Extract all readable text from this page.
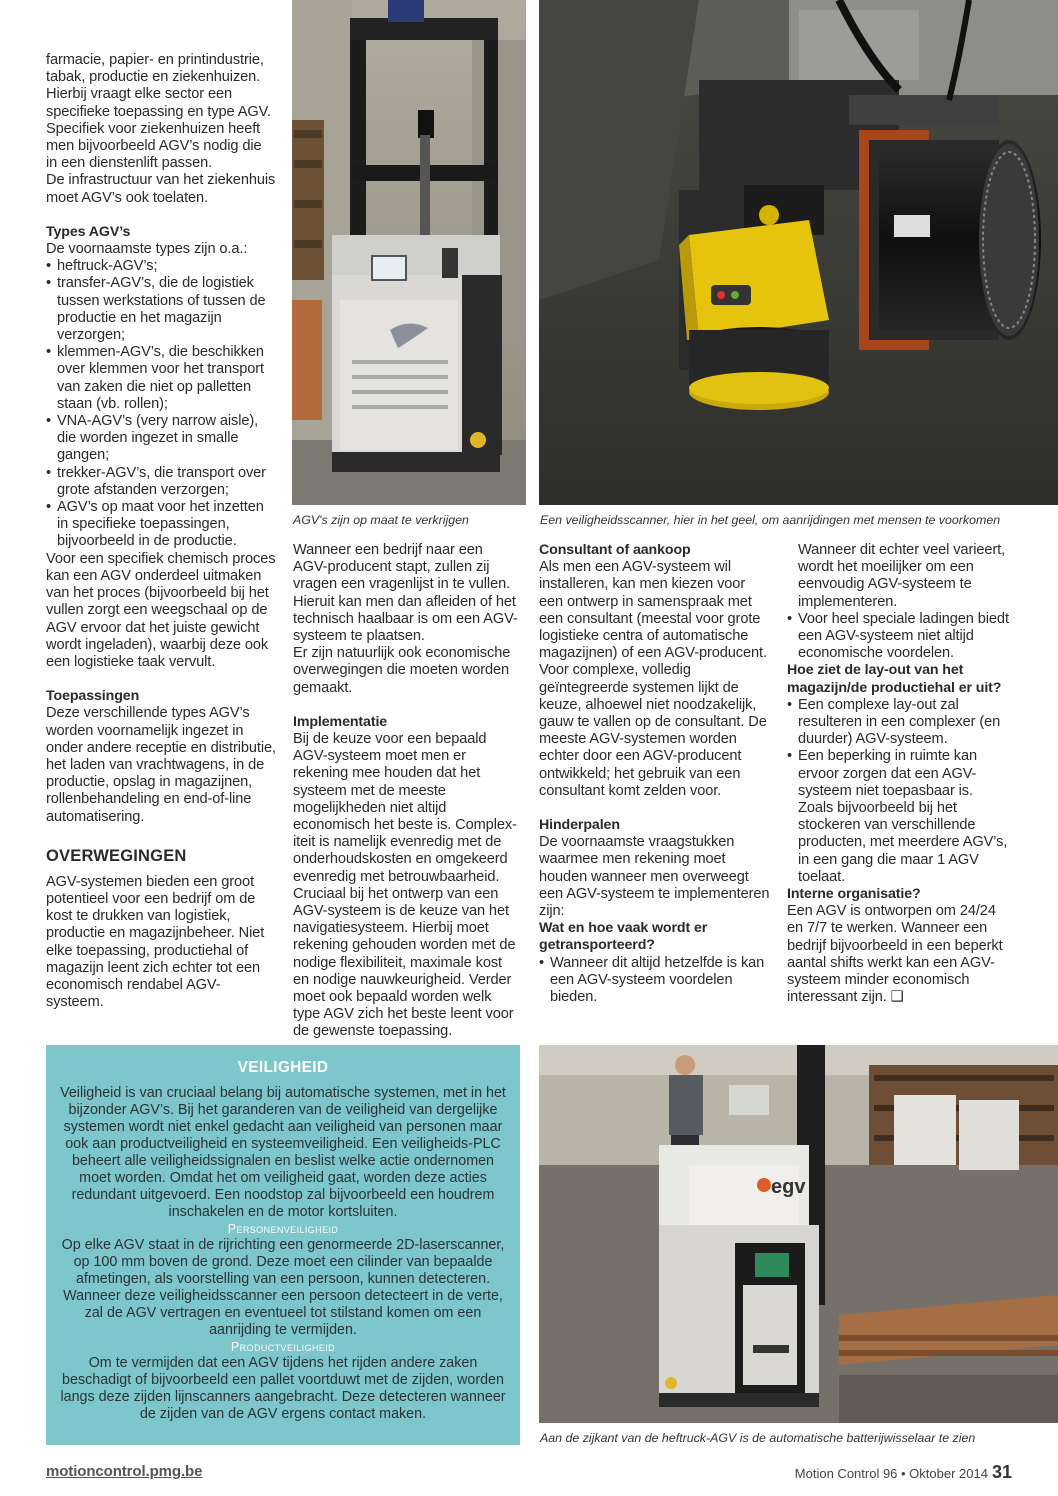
farmacie, papier- en printindustrie,

tabak, productie en ziekenhuizen.

Hierbij vraagt elke sector een

specifieke toepassing en type AGV.

Specifiek voor ziekenhuizen heeft

men bijvoorbeeld AGV’s nodig die

in een dienstenlift passen.

De infrastructuur van het ziekenhuis

moet AGV’s ook toelaten.

Types AGV’s

De voornaamste types zijn o.a.:

• heftruck-AGV’s;
• transfer-AGV’s, die de logistiek tussen werkstations of tussen de productie en het magazijn verzorgen;
• klemmen-AGV’s, die beschikken over klemmen voor het transport van zaken die niet op palletten staan (vb. rollen);
• VNA-AGV’s (very narrow aisle), die worden ingezet in smalle gangen;
• trekker-AGV’s, die transport over grote afstanden verzorgen;
• AGV’s op maat voor het inzetten in specifieke toepassingen, bijvoorbeeld in de productie.

Voor een specifiek chemisch proces kan een AGV onderdeel uitmaken van het proces (bijvoorbeeld bij het vullen zorgt een weegschaal op de AGV ervoor dat het juiste gewicht wordt ingeladen), waarbij deze ook een logistieke taak vervult.

Toepassingen

Deze verschillende types AGV’s worden voornamelijk ingezet in onder andere receptie en distributie, het laden van vrachtwagens, in de productie, opslag in magazijnen, rollenbehandeling en end-of-line automatisering.

OVERWEGINGEN

AGV-systemen bieden een groot potentieel voor een bedrijf om de kost te drukken van logistiek, productie en magazijnbeheer. Niet elke toepassing, productiehal of magazijn leent zich echter tot een economisch rendabel AGV-systeem.

AGV's zijn op maat te verkrijgen	Een veiligheidsscanner, hier in het geel, om aanrijdingen met mensen te voorkomen

Wanneer een bedrijf naar een AGV-producent stapt, zullen zij vragen een vragenlijst in te vullen. Hieruit kan men dan afleiden of het technisch haalbaar is om een AGV- systeem te plaatsen.

Er zijn natuurlijk ook economische overwegingen die moeten worden gemaakt.

Implementatie

Bij de keuze voor een bepaald AGV-systeem moet men er rekening mee houden dat het systeem met de meeste mogelijkheden niet altijd economisch het beste is. Complex-iteit is namelijk evenredig met de onderhoudskosten en omgekeerd evenredig met betrouwbaarheid. Cruciaal bij het ontwerp van een AGV-systeem is de keuze van het navigatiesysteem. Hierbij moet rekening gehouden worden met de nodige flexibiliteit, maximale kost en nodige nauwkeurigheid. Verder moet ook bepaald worden welk type AGV zich het beste leent voor de gewenste toepassing.

Consultant of aankoop

Als men een AGV-systeem wil installeren, kan men kiezen voor een ontwerp in samenspraak met een consultant (meestal voor grote logistieke centra of automatische magazijnen) of een AGV-producent.

Voor complexe, volledig geïntegreerde systemen lijkt de keuze, alhoewel niet noodzakelijk, gauw te vallen op de consultant. De meeste AGV-systemen worden echter door een AGV-producent ontwikkeld; het gebruik van een consultant komt zelden voor.

Hinderpalen

De voornaamste vraagstukken waarmee men rekening moet houden wanneer men overweegt een AGV-systeem te implementeren zijn:

Wat en hoe vaak wordt er getransporteerd?
• Wanneer dit altijd hetzelfde is kan een AGV-systeem voordelen bieden.
Wanneer dit echter veel varieert, wordt het moeilijker om een eenvoudig AGV-systeem te implementeren.
• Voor heel speciale ladingen biedt een AGV-systeem niet altijd economische voordelen.
Hoe ziet de lay-out van het magazijn/de productiehal er uit?
• Een complexe lay-out zal resulteren in een complexer (en duurder) AGV-systeem.
• Een beperking in ruimte kan ervoor zorgen dat een AGV-systeem niet toepasbaar is. Zoals bijvoorbeeld bij het stockeren van verschillende producten, met meerdere AGV’s, in een gang die maar 1 AGV toelaat.
Interne organisatie?

Een AGV is ontworpen om 24/24 en 7/7 te werken. Wanneer een bedrijf bijvoorbeeld in een beperkt aantal shifts werkt kan een AGV-systeem minder economisch interessant zijn. ❑

VEILIGHEID

Veiligheid is van cruciaal belang bij automatische systemen, met in het bijzonder AGV’s. Bij het garanderen van de veiligheid van dergelijke systemen wordt niet enkel gedacht aan veiligheid van personen maar ook aan productveiligheid en systeemveiligheid. Een veiligheids-PLC beheert alle veiligheidssignalen en beslist welke actie ondernomen moet worden. Omdat het om veiligheid gaat, worden deze acties redundant uitgevoerd. Een noodstop zal bijvoorbeeld een houdrem inschakelen en de motor kortsluiten.

Personenveiligheid

Op elke AGV staat in de rijrichting een genormeerde 2D-laserscanner, op 100 mm boven de grond. Deze moet een cilinder van bepaalde afmetingen, als voorstelling van een persoon, kunnen detecteren. Wanneer deze veiligheidsscanner een persoon detecteert in de verte, zal de AGV vertragen en eventueel tot stilstand komen om een aanrijding te vermijden.

Productveiligheid

Om te vermijden dat een AGV tijdens het rijden andere zaken beschadigt of bijvoorbeeld een pallet voortduwt met de zijden, worden langs deze zijden lijnscanners aangebracht. Deze detecteren wanneer de zijden van de AGV ergens contact maken.

egv
Aan de zijkant van de heftruck-AGV is de automatische batterijwisselaar te zien
motioncontrol.pmg.be	Motion Control 96 • Oktober 2014 31
